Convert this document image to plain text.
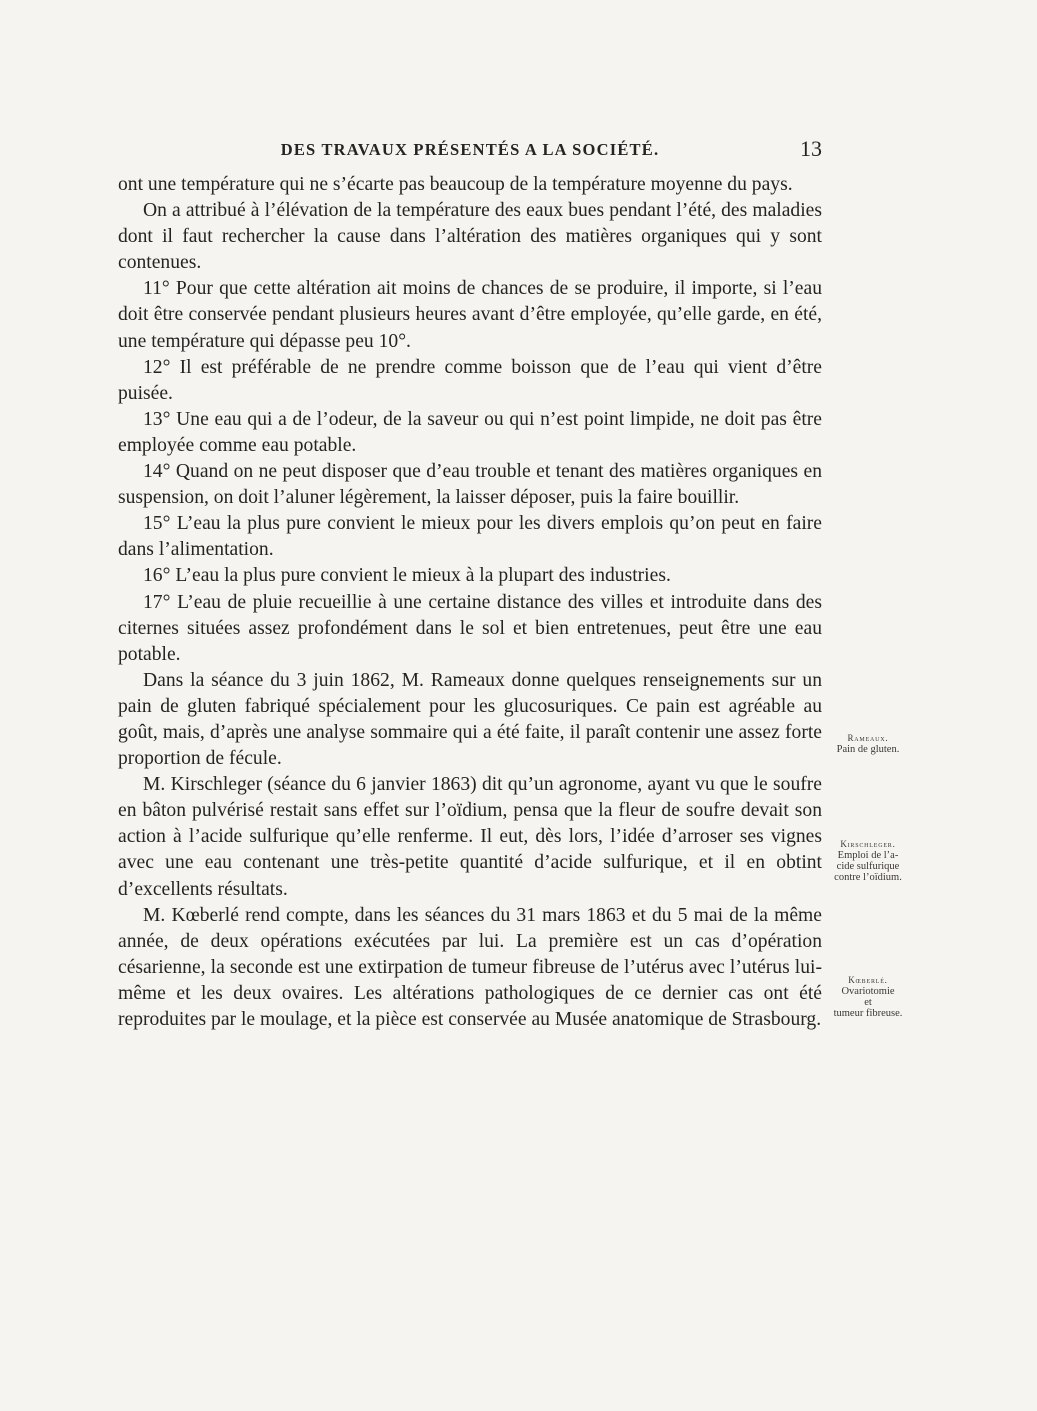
DES TRAVAUX PRÉSENTÉS A LA SOCIÉTÉ.	13

ont une température qui ne s’écarte pas beaucoup de la température moyenne du pays.

On a attribué à l’élévation de la température des eaux bues pendant l’été, des maladies dont il faut rechercher la cause dans l’altération des matières organiques qui y sont contenues.

11° Pour que cette altération ait moins de chances de se produire, il importe, si l’eau doit être conservée pendant plusieurs heures avant d’être employée, qu’elle garde, en été, une température qui dépasse peu 10°.

12° Il est préférable de ne prendre comme boisson que de l’eau qui vient d’être puisée.

13° Une eau qui a de l’odeur, de la saveur ou qui n’est point limpide, ne doit pas être employée comme eau potable.

14° Quand on ne peut disposer que d’eau trouble et tenant des matières organiques en suspension, on doit l’aluner légèrement, la laisser déposer, puis la faire bouillir.

15° L’eau la plus pure convient le mieux pour les divers emplois qu’on peut en faire dans l’alimentation.

16° L’eau la plus pure convient le mieux à la plupart des industries.

17° L’eau de pluie recueillie à une certaine distance des villes et introduite dans des citernes situées assez profondément dans le sol et bien entretenues, peut être une eau potable.

Dans la séance du 3 juin 1862, M. Rameaux donne quelques renseignements sur un pain de gluten fabriqué spécialement pour les glucosuriques. Ce pain est agréable au goût, mais, d’après une analyse sommaire qui a été faite, il paraît contenir une assez forte proportion de fécule.

M. Kirschleger (séance du 6 janvier 1863) dit qu’un agronome, ayant vu que le soufre en bâton pulvérisé restait sans effet sur l’oïdium, pensa que la fleur de soufre devait son action à l’acide sulfurique qu’elle renferme. Il eut, dès lors, l’idée d’arroser ses vignes avec une eau contenant une très-petite quantité d’acide sulfurique, et il en obtint d’excellents résultats.

M. Kœberlé rend compte, dans les séances du 31 mars 1863 et du 5 mai de la même année, de deux opérations exécutées par lui. La première est un cas d’opération césarienne, la seconde est une extirpation de tumeur fibreuse de l’utérus avec l’utérus lui-même et les deux ovaires. Les altérations pathologiques de ce dernier cas ont été reproduites par le moulage, et la pièce est conservée au Musée anatomique de Strasbourg.

Rameaux.
Pain de gluten.
Kirschleger.
Emploi de l’a-
cide sulfurique
contre l’oïdium.
Kœberlé.
Ovariotomie
et
tumeur fibreuse.
